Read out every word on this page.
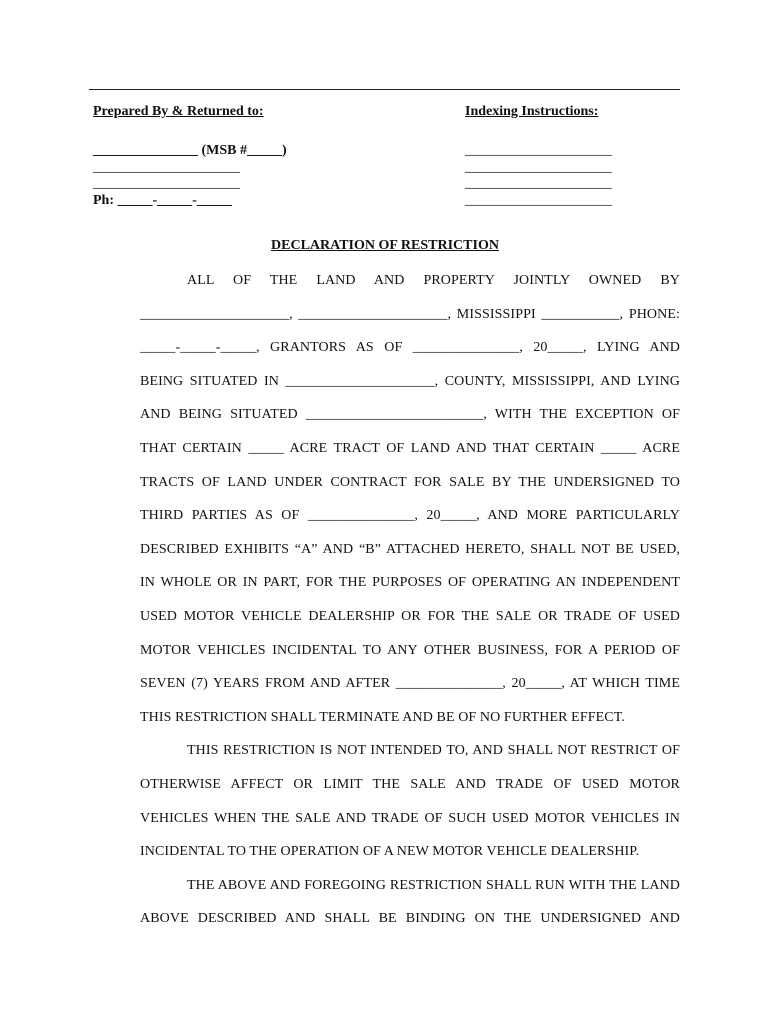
Prepared By & Returned to:

_______________ (MSB #_____)

_____________________

_____________________

Ph: _____-_____-_____

Indexing Instructions:

_____________________

_____________________

_____________________

_____________________

DECLARATION OF RESTRICTION
ALL OF THE LAND AND PROPERTY JOINTLY OWNED BY
_____________________, _____________________, MISSISSIPPI ___________, PHONE:
_____-_____-_____, GRANTORS AS OF _______________, 20_____, LYING AND
BEING SITUATED IN _____________________, COUNTY, MISSISSIPPI, AND LYING
AND BEING SITUATED _________________________, WITH THE EXCEPTION OF
THAT CERTAIN _____ ACRE TRACT OF LAND AND THAT CERTAIN _____ ACRE
TRACTS OF LAND UNDER CONTRACT FOR SALE BY THE UNDERSIGNED TO
THIRD PARTIES AS OF _______________, 20_____, AND MORE PARTICULARLY
DESCRIBED EXHIBITS “A” AND “B” ATTACHED HERETO, SHALL NOT BE USED,
IN WHOLE OR IN PART, FOR THE PURPOSES OF OPERATING AN INDEPENDENT
USED MOTOR VEHICLE DEALERSHIP OR FOR THE SALE OR TRADE OF USED
MOTOR VEHICLES INCIDENTAL TO ANY OTHER BUSINESS, FOR A PERIOD OF
SEVEN (7) YEARS FROM AND AFTER _______________, 20_____, AT WHICH TIME
THIS RESTRICTION SHALL TERMINATE AND BE OF NO FURTHER EFFECT.
THIS RESTRICTION IS NOT INTENDED TO, AND SHALL NOT RESTRICT OF
OTHERWISE AFFECT OR LIMIT THE SALE AND TRADE OF USED MOTOR
VEHICLES WHEN THE SALE AND TRADE OF SUCH USED MOTOR VEHICLES IN
INCIDENTAL TO THE OPERATION OF A NEW MOTOR VEHICLE DEALERSHIP.
THE ABOVE AND FOREGOING RESTRICTION SHALL RUN WITH THE LAND
ABOVE DESCRIBED AND SHALL BE BINDING ON THE UNDERSIGNED AND
